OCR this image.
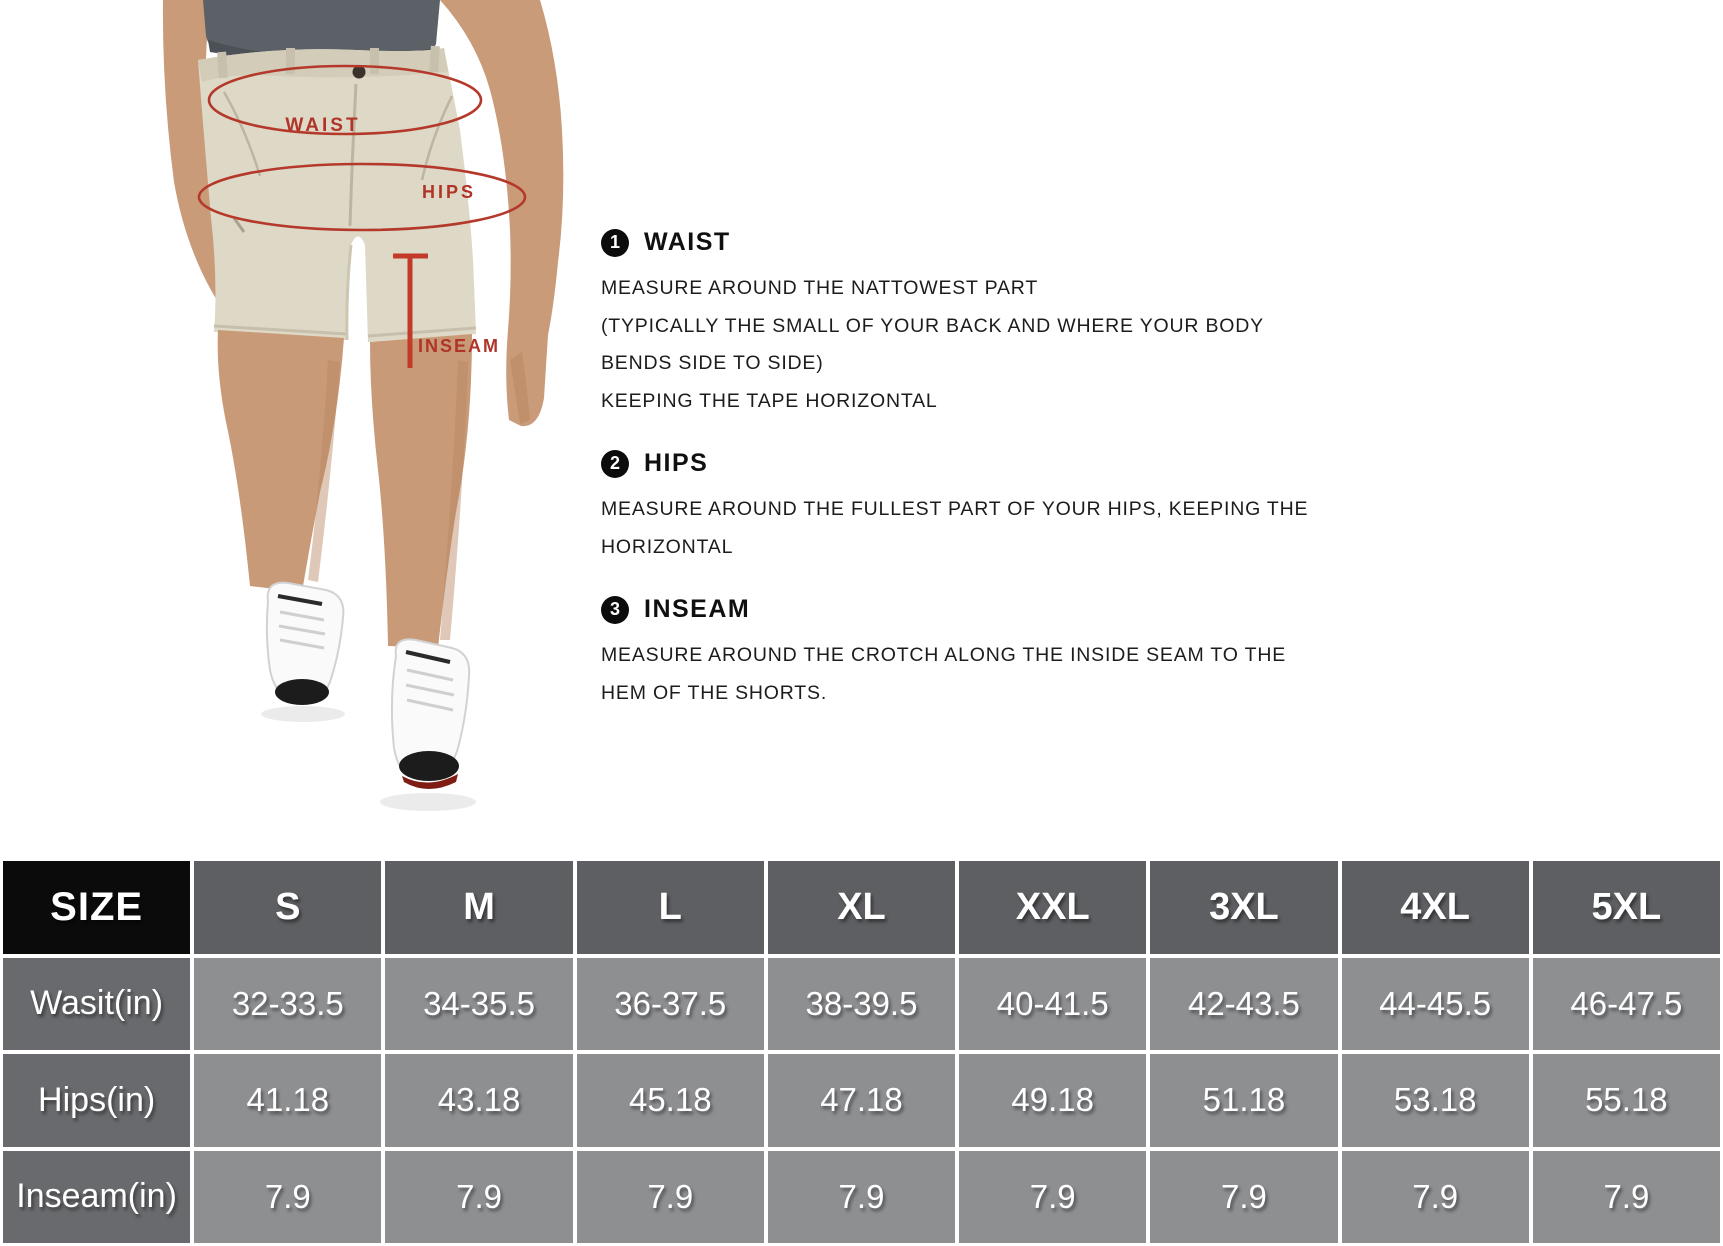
WAIST
HIPS
INSEAM
1 WAIST

MEASURE AROUND THE NATTOWEST PART

(TYPICALLY THE SMALL OF YOUR BACK AND WHERE YOUR BODY

BENDS SIDE TO SIDE)

KEEPING THE TAPE HORIZONTAL

2 HIPS

MEASURE AROUND THE FULLEST PART OF YOUR HIPS, KEEPING THE

HORIZONTAL

3 INSEAM

MEASURE AROUND THE CROTCH ALONG THE INSIDE SEAM TO THE

HEM OF THE SHORTS.

SIZE	S	M	L	XL	XXL	3XL	4XL	5XL
Wasit(in)	32-33.5	34-35.5	36-37.5	38-39.5	40-41.5	42-43.5	44-45.5	46-47.5
Hips(in)	41.18	43.18	45.18	47.18	49.18	51.18	53.18	55.18
Inseam(in)	7.9	7.9	7.9	7.9	7.9	7.9	7.9	7.9
